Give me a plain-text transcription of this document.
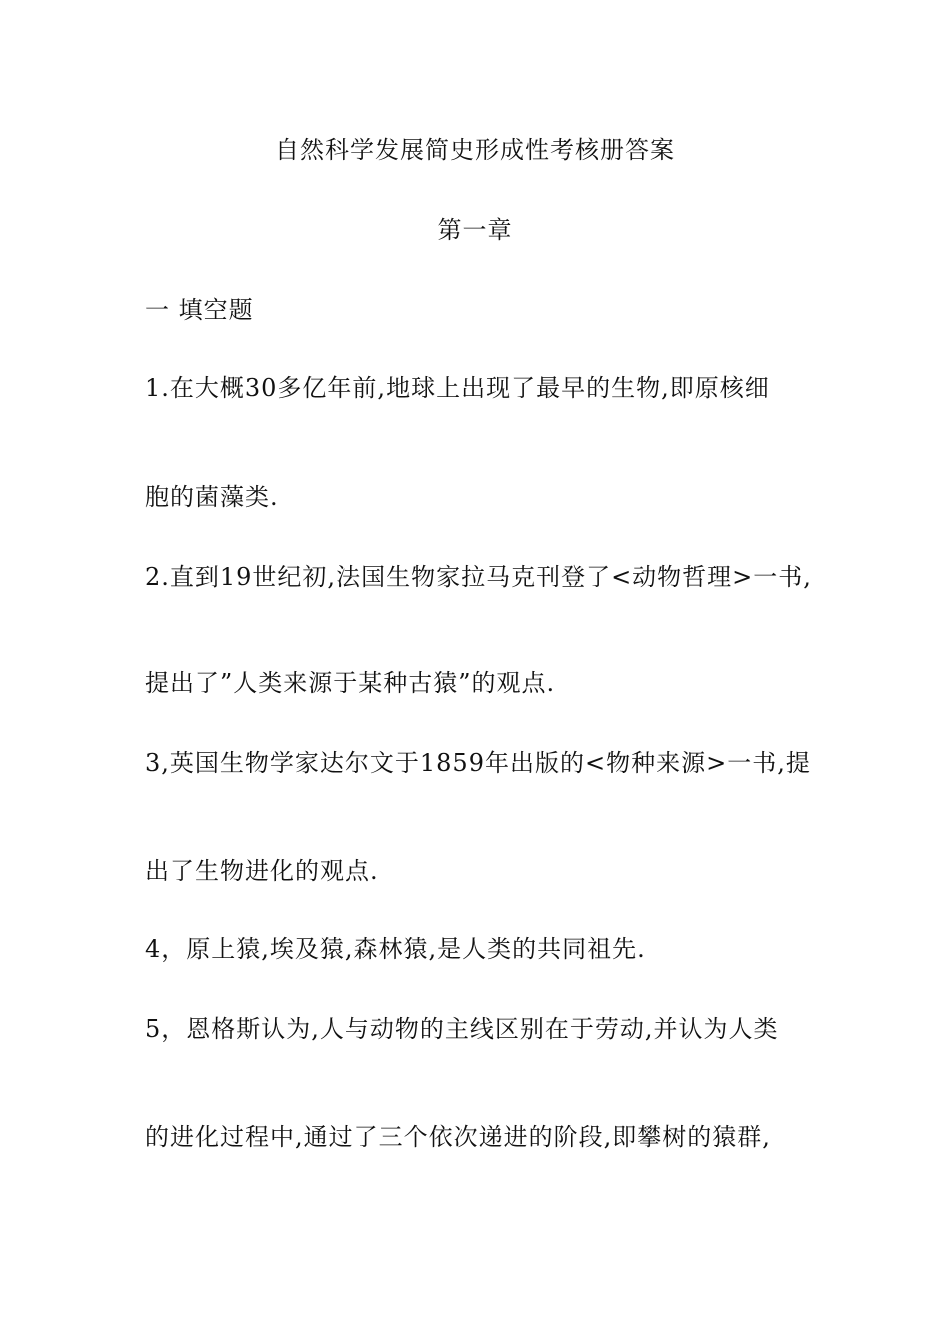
自然科学发展简史形成性考核册答案
第一章
一 填空题
1.在大概30多亿年前,地球上出现了最早的生物,即原核细
胞的菌藻类.
2.直到19世纪初,法国生物家拉马克刊登了<动物哲理>一书,
提出了”人类来源于某种古猿”的观点.
3,英国生物学家达尔文于1859年出版的<物种来源>一书,提
出了生物进化的观点.
4，原上猿,埃及猿,森林猿,是人类的共同祖先.
5，恩格斯认为,人与动物的主线区别在于劳动,并认为人类
的进化过程中,通过了三个依次递进的阶段,即攀树的猿群,
